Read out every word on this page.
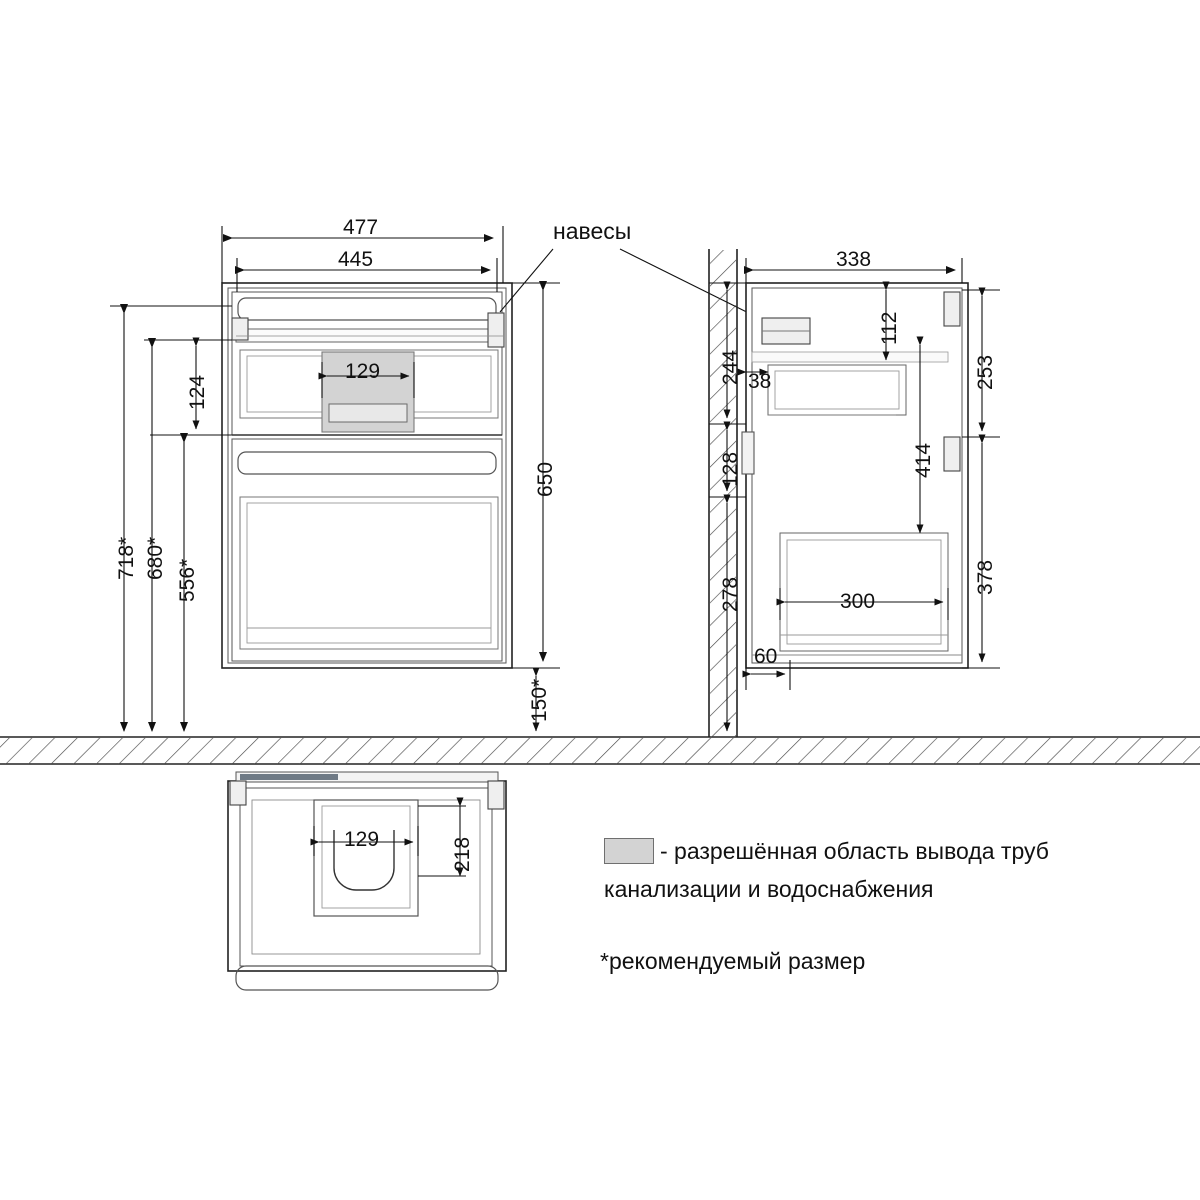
477
445
129
124
650
718* 680*
556*
150*
навесы
338
112
244 38
128
278
253
414
378
300
60
129	218	- разрешённая область вывода труб
канализации и водоснабжения
*рекомендуемый размер
